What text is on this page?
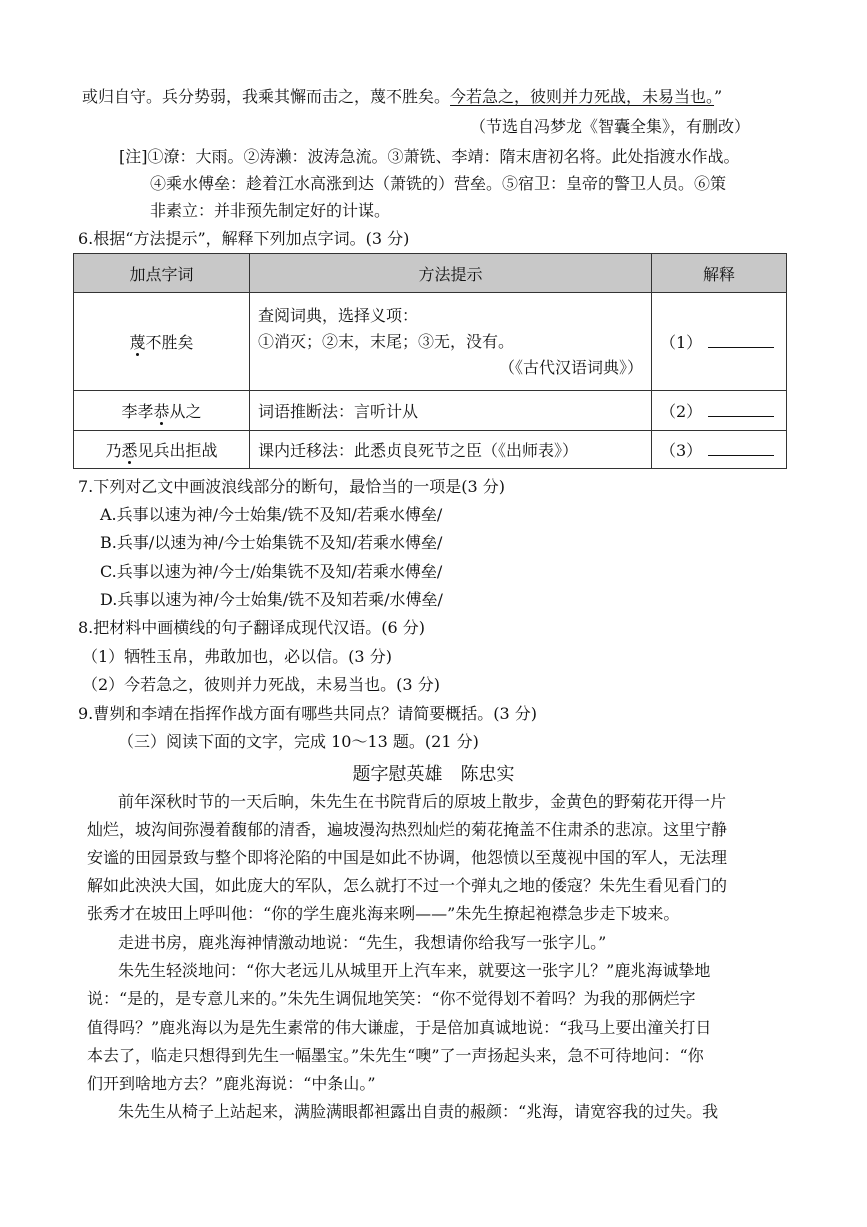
或归自守。兵分势弱，我乘其懈而击之，蔑不胜矣。今若急之，彼则并力死战，未易当也。”
（节选自冯梦龙《智囊全集》，有删改）
[注]①潦：大雨。②涛濑：波涛急流。③萧铣、李靖：隋末唐初名将。此处指渡水作战。
④乘水傅垒：趁着江水高涨到达（萧铣的）营垒。⑤宿卫：皇帝的警卫人员。⑥策
非素立：并非预先制定好的计谋。
6.根据“方法提示”，解释下列加点字词。(3 分)
加点字词	方法提示	解释
蔑不胜矣	查阅词典，选择义项：
①消灭；②末，末尾；③无，没有。
（《古代汉语词典》）	（1）
李孝恭从之	词语推断法：言听计从	（2）
乃悉见兵出拒战	课内迁移法：此悉贞良死节之臣（《出师表》）	（3）
7.下列对乙文中画波浪线部分的断句，最恰当的一项是(3 分)
A.兵事以速为神/今士始集/铣不及知/若乘水傅垒/
B.兵事/以速为神/今士始集铣不及知/若乘水傅垒/
C.兵事以速为神/今士/始集铣不及知/若乘水傅垒/
D.兵事以速为神/今士始集/铣不及知若乘/水傅垒/
8.把材料中画横线的句子翻译成现代汉语。(6 分)
（1）牺牲玉帛，弗敢加也，必以信。(3 分)
（2）今若急之，彼则并力死战，未易当也。(3 分)
9.曹刿和李靖在指挥作战方面有哪些共同点？请简要概括。(3 分)
（三）阅读下面的文字，完成 10～13 题。(21 分)
题字慰英雄 陈忠实
前年深秋时节的一天后晌，朱先生在书院背后的原坡上散步，金黄色的野菊花开得一片
灿烂，坡沟间弥漫着馥郁的清香，遍坡漫沟热烈灿烂的菊花掩盖不住肃杀的悲凉。这里宁静
安谧的田园景致与整个即将沦陷的中国是如此不协调，他怨愤以至蔑视中国的军人，无法理
解如此泱泱大国，如此庞大的军队，怎么就打不过一个弹丸之地的倭寇？朱先生看见看门的
张秀才在坡田上呼叫他：“你的学生鹿兆海来咧——”朱先生撩起袍襟急步走下坡来。
走进书房，鹿兆海神情激动地说：“先生，我想请你给我写一张字儿。”
朱先生轻淡地问：“你大老远儿从城里开上汽车来，就要这一张字儿？”鹿兆海诚挚地
说：“是的，是专意儿来的。”朱先生调侃地笑笑：“你不觉得划不着吗？为我的那俩烂字
值得吗？”鹿兆海以为是先生素常的伟大谦虚，于是倍加真诚地说：“我马上要出潼关打日
本去了，临走只想得到先生一幅墨宝。”朱先生“噢”了一声扬起头来，急不可待地问：“你
们开到啥地方去？”鹿兆海说：“中条山。”
朱先生从椅子上站起来，满脸满眼都袒露出自责的赧颜：“兆海，请宽容我的过失。我
